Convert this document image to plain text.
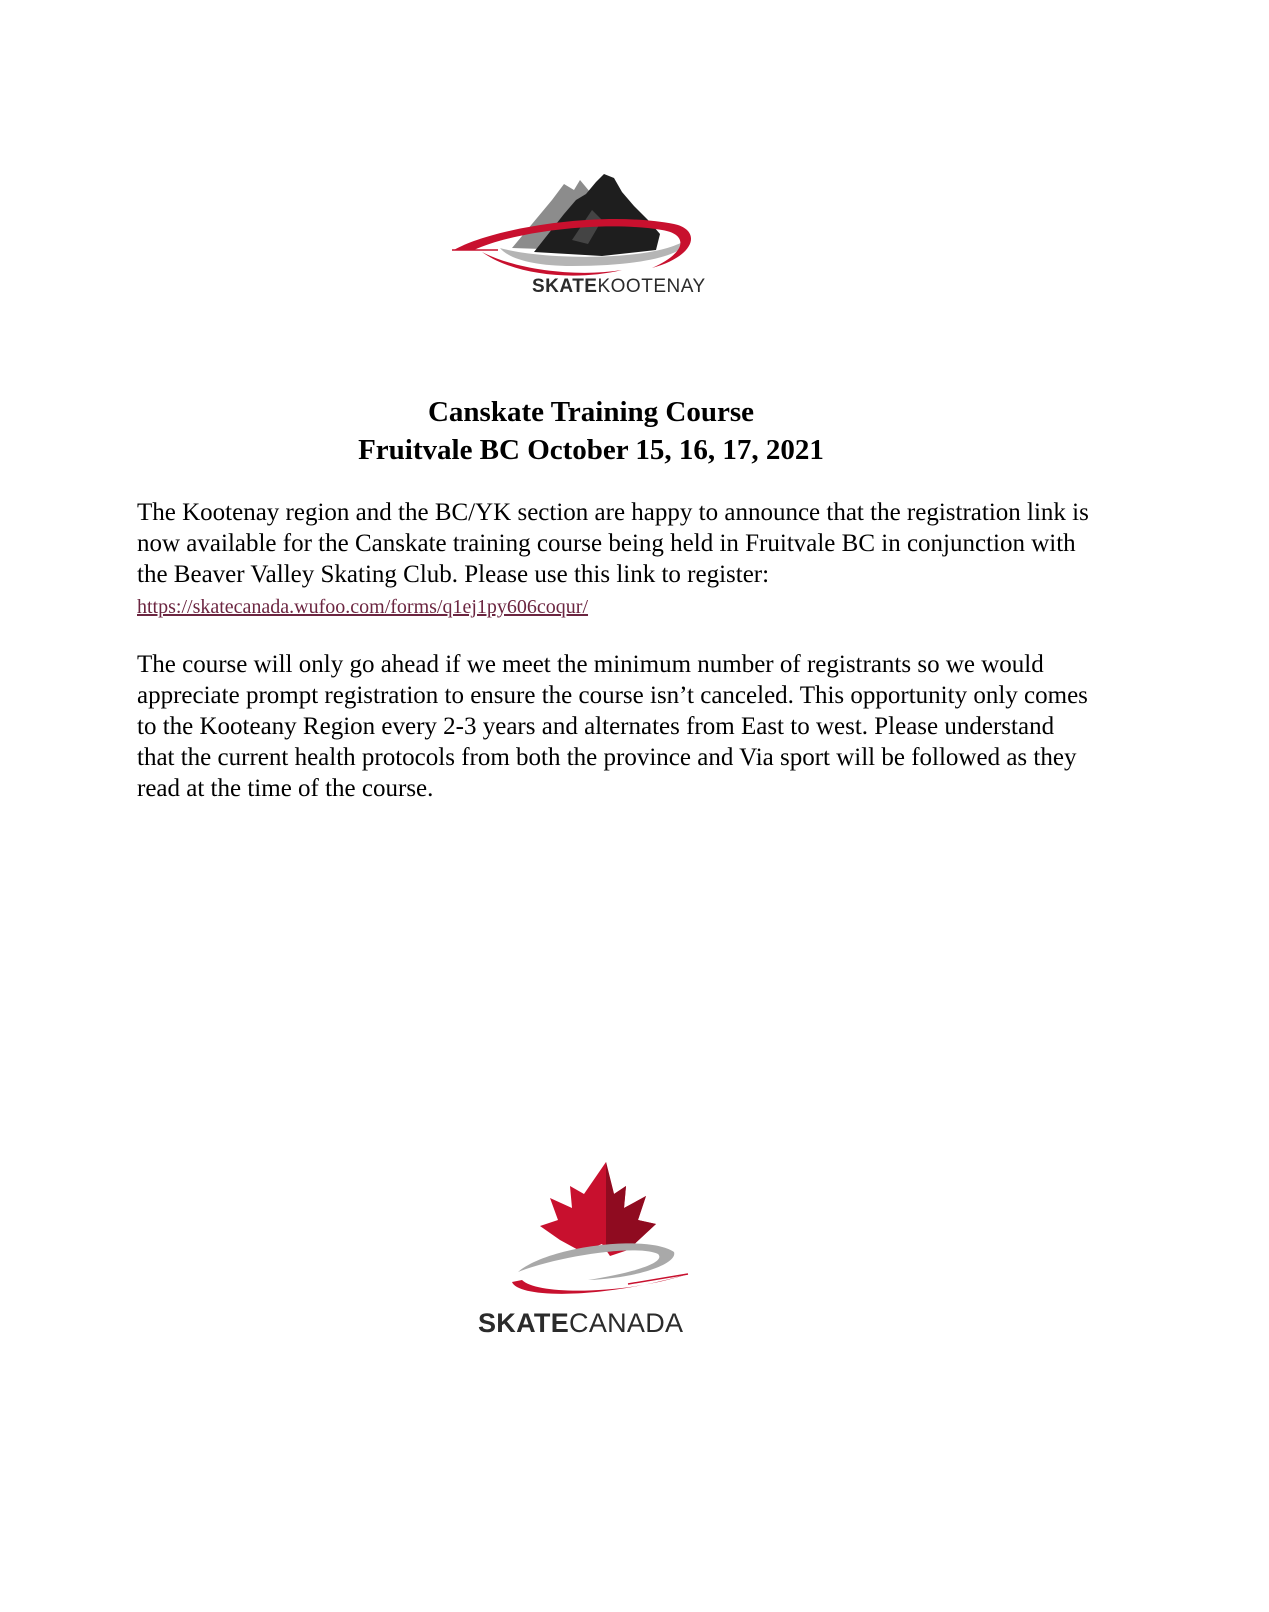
SKATEKOOTENAY
Canskate Training Course
Fruitvale BC October 15, 16, 17, 2021

The Kootenay region and the BC/YK section are happy to announce that the registration link is now available for the Canskate training course being held in Fruitvale BC in conjunction with the Beaver Valley Skating Club. Please use this link to register: https://skatecanada.wufoo.com/forms/q1ej1py606coqur/

The course will only go ahead if we meet the minimum number of registrants so we would appreciate prompt registration to ensure the course isn’t canceled. This opportunity only comes to the Kooteany Region every 2-3 years and alternates from East to west. Please understand that the current health protocols from both the province and Via sport will be followed as they read at the time of the course.

SKATECANADA
